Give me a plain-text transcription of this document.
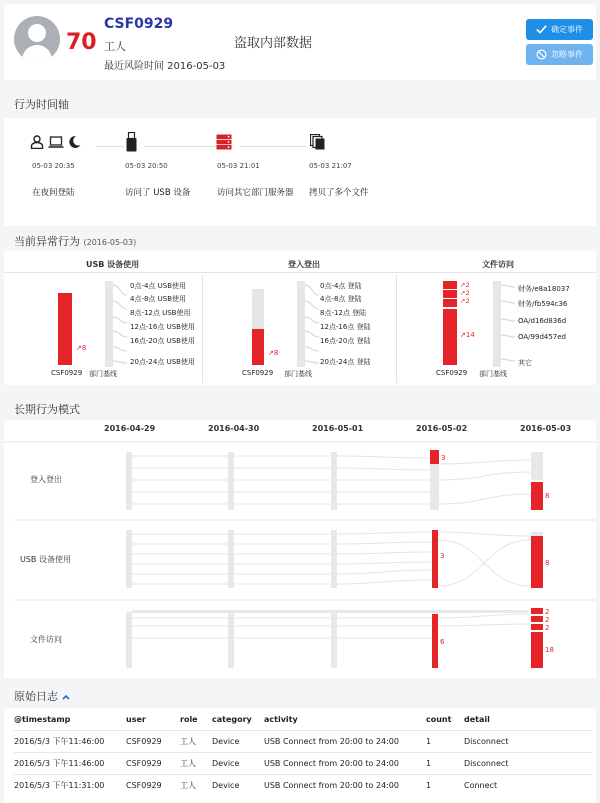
70
CSF0929
工人
最近风险时间 2016-05-03
盗取内部数据
确定事件
忽略事件
行为时间轴
05-03 20:35
在夜间登陆
05-03 20:50
访问了 USB 设备
05-03 21:01
访问其它部门服务器
05-03 21:07
拷贝了多个文件
当前异常行为 (2016-05-03)
USB 设备使用	登入登出	文件访问
↗8
CSF0929 部门基线
0点-4点 USB使用
4点-8点 USB使用
8点-12点 USB使用
12点-16点 USB使用
16点-20点 USB使用
20点-24点 USB使用
↗8
CSF0929 部门基线
0点-4点 登陆
4点-8点 登陆
8点-12点 登陆
12点-16点 登陆
16点-20点 登陆
20点-24点 登陆
↗2
↗2
↗2
↗14
CSF0929 部门基线
财务/e8a18037
财务/fb594c36
OA/d16d836d
OA/99d457ed
其它
长期行为模式
2016-04-29	2016-04-30	2016-05-01	2016-05-02	2016-05-03
登入登出
USB 设备使用
文件访问
3
8
3
8
6
2
2
2
18
原始日志
@timestamp	user	role	category	activity	count	detail
2016/5/3 下午11:46:00	CSF0929	工人	Device	USB Connect from 20:00 to 24:00	1	Disconnect
2016/5/3 下午11:46:00	CSF0929	工人	Device	USB Connect from 20:00 to 24:00	1	Disconnect
2016/5/3 下午11:31:00	CSF0929	工人	Device	USB Connect from 20:00 to 24:00	1	Connect
